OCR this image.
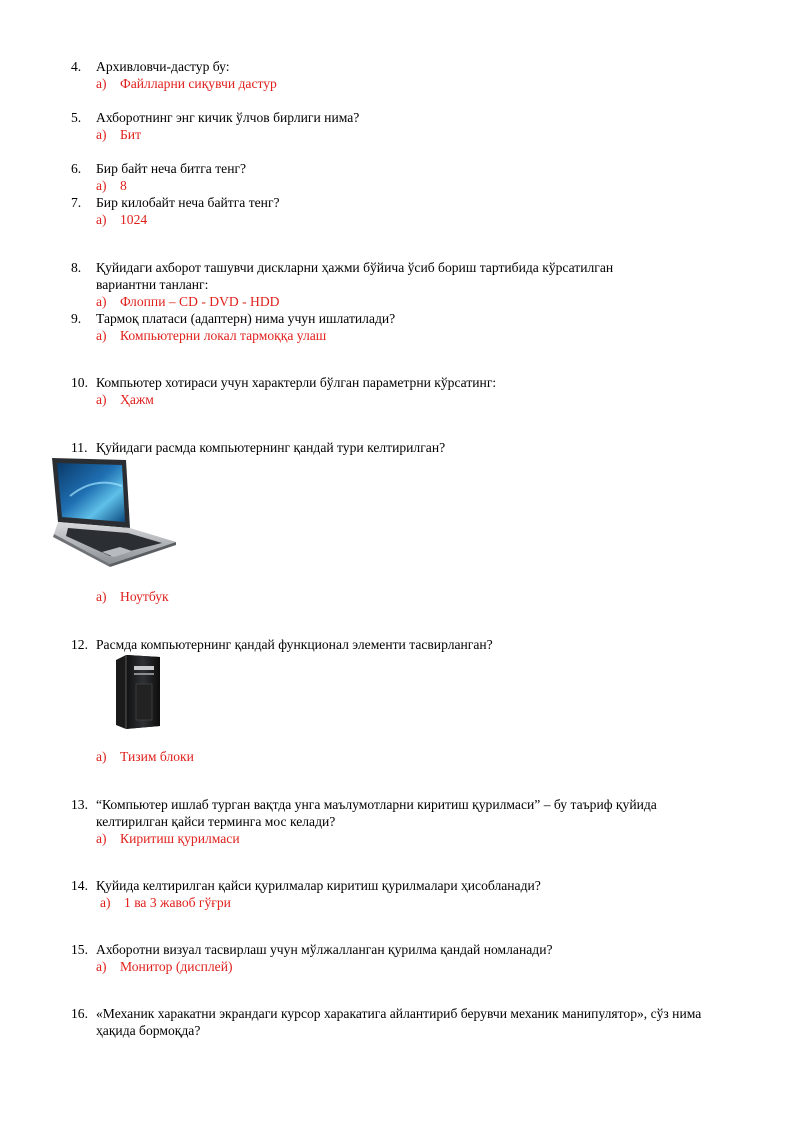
4. Архивловчи-дастур бу:
а) Файлларни сиқувчи дастур
5. Ахборотнинг энг кичик ўлчов бирлиги нима?
а) Бит
6. Бир байт неча битга тенг?
а) 8
7. Бир килобайт неча байтга тенг?
а) 1024
8. Қуйидаги ахборот ташувчи дискларни ҳажми бўйича ўсиб бориш тартибида кўрсатилган вариантни танланг:
а) Флоппи – CD - DVD - HDD
9. Тармоқ платаси (адаптерн) нима учун ишлатилади?
а) Компьютерни локал тармоққа улаш
10. Компьютер хотираси учун характерли бўлган параметрни кўрсатинг:
а) Ҳажм
11. Қуйидаги расмда компьютернинг қандай тури келтирилган?
а) Ноутбук
12. Расмда компьютернинг қандай функционал элементи тасвирланган?
а) Тизим блоки
13. “Компьютер ишлаб турган вақтда унга маълумотларни киритиш қурилмаси” – бу таъриф қуйида келтирилган қайси терминга мос келади?
а) Киритиш қурилмаси
14. Қуйида келтирилган қайси қурилмалар киритиш қурилмалари ҳисобланади?
а) 1 ва 3 жавоб гўғри
15. Ахборотни визуал тасвирлаш учун мўлжалланган қурилма қандай номланади?
а) Монитор (дисплей)
16. «Механик харакатни экрандаги курсор харакатига айлантириб берувчи механик манипулятор», сўз нима ҳақида бормоқда?
